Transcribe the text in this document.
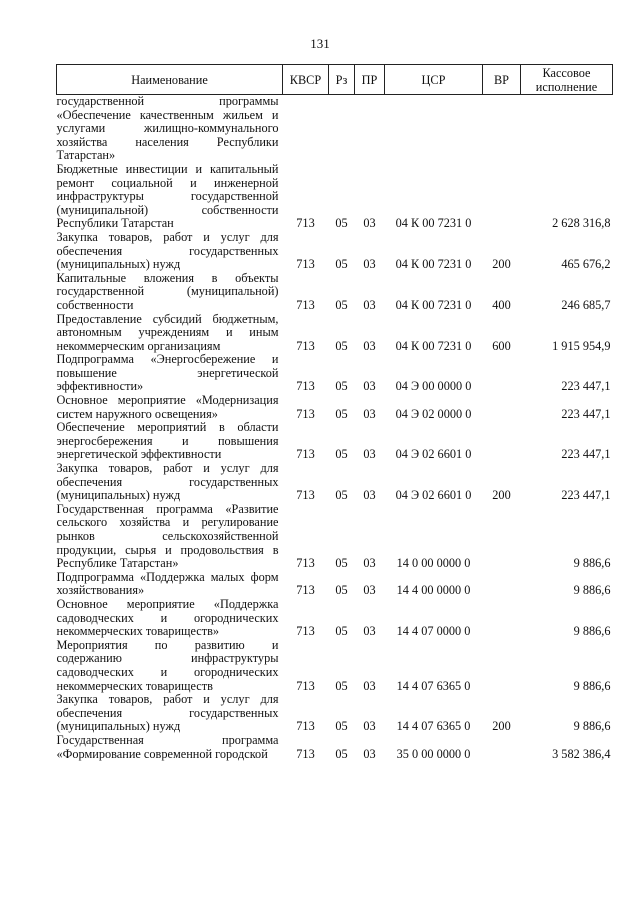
131
Наименование	КВСР	Рз	ПР	ЦСР	ВР	Кассовое исполнение

государственной программы
«Обеспечение качественным жильем и
услугами жилищно-коммунального
хозяйства населения Республики
Татарстан»						

Бюджетные инвестиции и капитальный
ремонт социальной и инженерной
инфраструктуры государственной
(муниципальной) собственности
Республики Татарстан	713	05	03	04 К 00 7231 0		2 628 316,8

Закупка товаров, работ и услуг для
обеспечения государственных
(муниципальных) нужд	713	05	03	04 К 00 7231 0	200	465 676,2

Капитальные вложения в объекты
государственной (муниципальной)
собственности	713	05	03	04 К 00 7231 0	400	246 685,7

Предоставление субсидий бюджетным,
автономным учреждениям и иным
некоммерческим организациям	713	05	03	04 К 00 7231 0	600	1 915 954,9

Подпрограмма «Энергосбережение и
повышение энергетической
эффективности»	713	05	03	04 Э 00 0000 0		223 447,1

Основное мероприятие «Модернизация
систем наружного освещения»	713	05	03	04 Э 02 0000 0		223 447,1

Обеспечение мероприятий в области
энергосбережения и повышения
энергетической эффективности	713	05	03	04 Э 02 6601 0		223 447,1

Закупка товаров, работ и услуг для
обеспечения государственных
(муниципальных) нужд	713	05	03	04 Э 02 6601 0	200	223 447,1

Государственная программа «Развитие
сельского хозяйства и регулирование
рынков сельскохозяйственной
продукции, сырья и продовольствия в
Республике Татарстан»	713	05	03	14 0 00 0000 0		9 886,6

Подпрограмма «Поддержка малых форм
хозяйствования»	713	05	03	14 4 00 0000 0		9 886,6

Основное мероприятие «Поддержка
садоводческих и огороднических
некоммерческих товариществ»	713	05	03	14 4 07 0000 0		9 886,6

Мероприятия по развитию и
содержанию инфраструктуры
садоводческих и огороднических
некоммерческих товариществ	713	05	03	14 4 07 6365 0		9 886,6

Закупка товаров, работ и услуг для
обеспечения государственных
(муниципальных) нужд	713	05	03	14 4 07 6365 0	200	9 886,6

Государственная программа
«Формирование современной городской	713	05	03	35 0 00 0000 0		3 582 386,4
